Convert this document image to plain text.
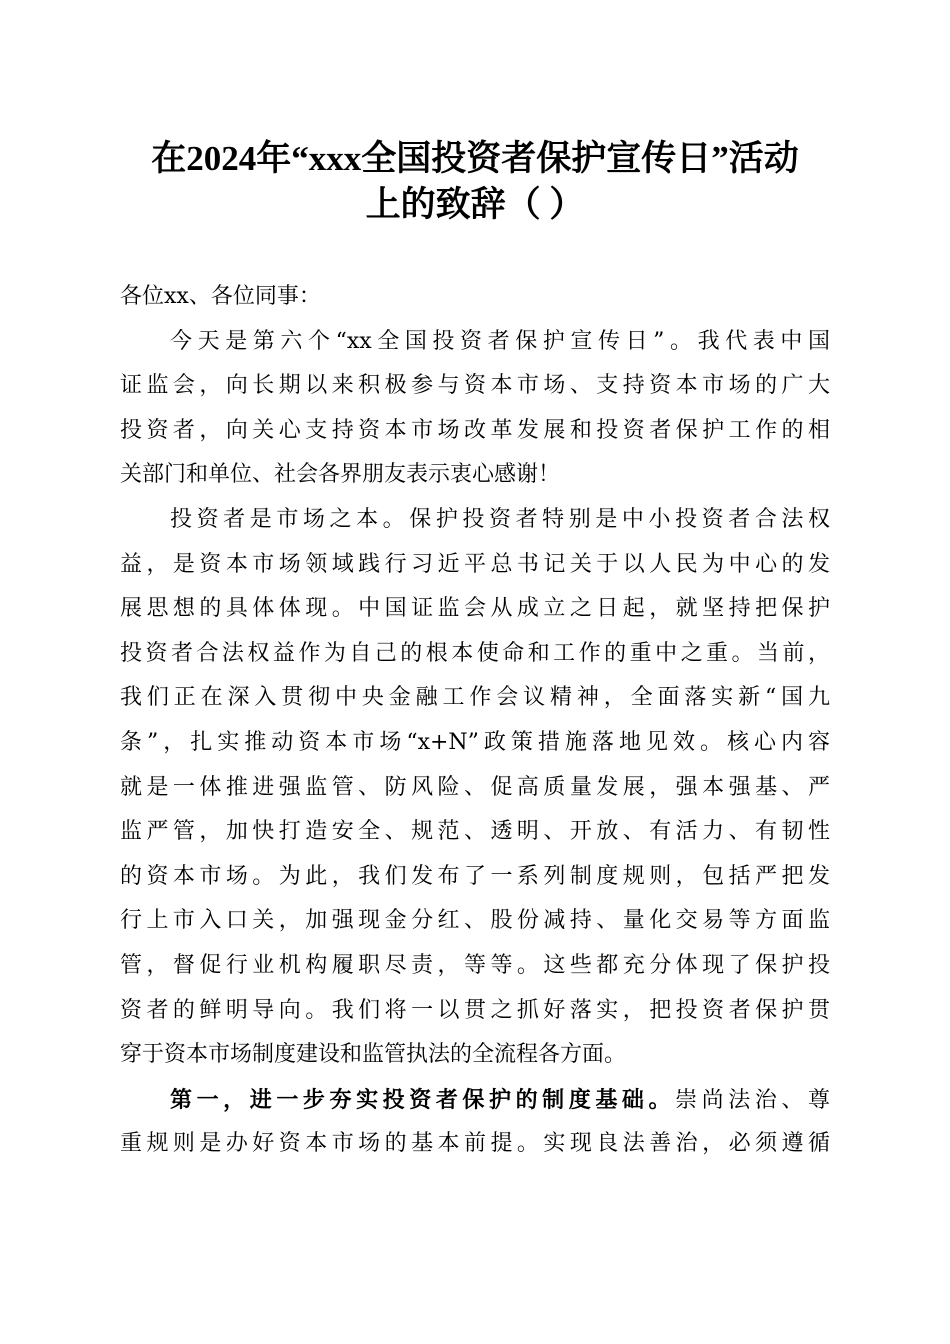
在2024年“xxx全国投资者保护宣传日”活动
上的致辞（ ）
各位xx、各位同事：
今天是第六个“xx全国投资者保护宣传日”。我代表中国
证监会，向长期以来积极参与资本市场、支持资本市场的广大
投资者，向关心支持资本市场改革发展和投资者保护工作的相
关部门和单位、社会各界朋友表示衷心感谢！
投资者是市场之本。保护投资者特别是中小投资者合法权
益，是资本市场领域践行习近平总书记关于以人民为中心的发
展思想的具体体现。中国证监会从成立之日起，就坚持把保护
投资者合法权益作为自己的根本使命和工作的重中之重。当前，
我们正在深入贯彻中央金融工作会议精神，全面落实新“国九
条”，扎实推动资本市场“x+N”政策措施落地见效。核心内容
就是一体推进强监管、防风险、促高质量发展，强本强基、严
监严管，加快打造安全、规范、透明、开放、有活力、有韧性
的资本市场。为此，我们发布了一系列制度规则，包括严把发
行上市入口关，加强现金分红、股份减持、量化交易等方面监
管，督促行业机构履职尽责，等等。这些都充分体现了保护投
资者的鲜明导向。我们将一以贯之抓好落实，把投资者保护贯
穿于资本市场制度建设和监管执法的全流程各方面。
第一，进一步夯实投资者保护的制度基础。崇尚法治、尊
重规则是办好资本市场的基本前提。实现良法善治，必须遵循
